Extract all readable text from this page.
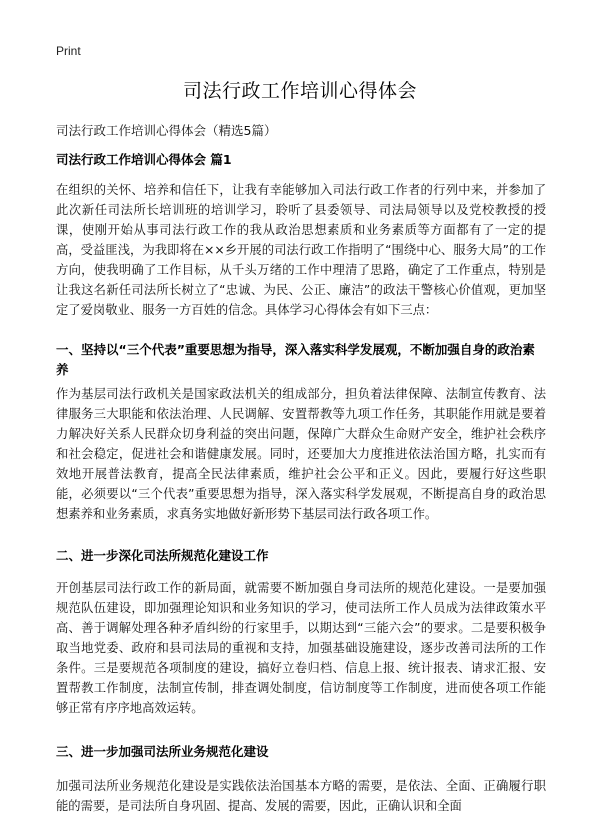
Print
司法行政工作培训心得体会
司法行政工作培训心得体会（精选5篇）
司法行政工作培训心得体会 篇1

在组织的关怀、培养和信任下，让我有幸能够加入司法行政工作者的行列中来，并参加了此次新任司法所长培训班的培训学习，聆听了县委领导、司法局领导以及党校教授的授课，使刚开始从事司法行政工作的我从政治思想素质和业务素质等方面都有了一定的提高，受益匪浅，为我即将在××乡开展的司法行政工作指明了“围绕中心、服务大局”的工作方向，使我明确了工作目标，从千头万绪的工作中理清了思路，确定了工作重点，特别是让我这名新任司法所长树立了“忠诚、为民、公正、廉洁”的政法干警核心价值观，更加坚定了爱岗敬业、服务一方百姓的信念。具体学习心得体会有如下三点：

一、坚持以“三个代表”重要思想为指导，深入落实科学发展观，不断加强自身的政治素养

作为基层司法行政机关是国家政法机关的组成部分，担负着法律保障、法制宣传教育、法律服务三大职能和依法治理、人民调解、安置帮教等九项工作任务，其职能作用就是要着力解决好关系人民群众切身利益的突出问题，保障广大群众生命财产安全，维护社会秩序和社会稳定，促进社会和谐健康发展。同时，还要加大力度推进依法治国方略，扎实而有效地开展普法教育，提高全民法律素质，维护社会公平和正义。因此，要履行好这些职能，必须要以“三个代表”重要思想为指导，深入落实科学发展观，不断提高自身的政治思想素养和业务素质，求真务实地做好新形势下基层司法行政各项工作。

二、进一步深化司法所规范化建设工作

开创基层司法行政工作的新局面，就需要不断加强自身司法所的规范化建设。一是要加强规范队伍建设，即加强理论知识和业务知识的学习，使司法所工作人员成为法律政策水平高、善于调解处理各种矛盾纠纷的行家里手，以期达到“三能六会”的要求。二是要积极争取当地党委、政府和县司法局的重视和支持，加强基础设施建设，逐步改善司法所的工作条件。三是要规范各项制度的建设，搞好立卷归档、信息上报、统计报表、请求汇报、安置帮教工作制度，法制宣传制，排查调处制度，信访制度等工作制度，进而使各项工作能够正常有序序地高效运转。

三、进一步加强司法所业务规范化建设

加强司法所业务规范化建设是实践依法治国基本方略的需要，是依法、全面、正确履行职能的需要，是司法所自身巩固、提高、发展的需要，因此，正确认识和全面
